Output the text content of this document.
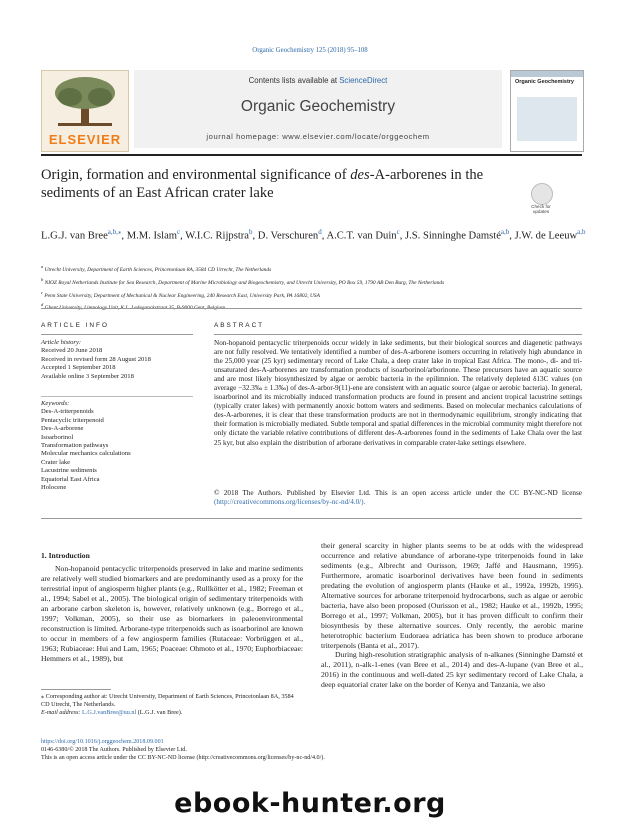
Organic Geochemistry 125 (2018) 95–108
ELSEVIER
Contents lists available at ScienceDirect
Organic Geochemistry
journal homepage: www.elsevier.com/locate/orggeochem
Organic Geochemistry
Origin, formation and environmental significance of des-A-arborenes in the sediments of an East African crater lake
Check for updates
L.G.J. van Bree$^{a,b,⁎}$, M.M. Islam$^c$, W.I.C. Rijpstra$^b$, D. Verschuren$^d$, A.C.T. van Duin$^c$, J.S. Sinninghe Damsté$^{a,b}$, J.W. de Leeuw$^{a,b}$
$^a$ Utrecht University, Department of Earth Sciences, Princetonlaan 8A, 3584 CD Utrecht, The Netherlands
$^b$ NIOZ Royal Netherlands Institute for Sea Research, Department of Marine Microbiology and Biogeochemistry, and Utrecht University, PO Box 59, 1790 AB Den Burg, The Netherlands
$^c$ Penn State University, Department of Mechanical & Nuclear Engineering, 240 Research East, University Park, PA 16802, USA
$^d$
ARTICLE INFO
Article history:
Received 20 June 2018
Received in revised form 28 August 2018
Accepted 1 September 2018
Available online 3 September 2018
Keywords:
Des-A-triterpenoids
Pentacyclic triterpenoid
Des-A-arborene
Isoarborinol
Transformation pathways
Molecular mechanics calculations
Crater lake
Lacustrine sediments
Equatorial East Africa
Holocene
ABSTRACT
Non-hopanoid pentacyclic triterpenoids occur widely in lake sediments, but their biological sources and diagenetic pathways are not fully resolved. We tentatively identified a number of des-A-arborene isomers occurring in relatively high abundance in the 25,000 year (25 kyr) sedimentary record of Lake Chala, a deep crater lake in tropical East Africa. The mono-, di- and tri-unsaturated des-A-arborenes are transformation products of isoarborinol/arborinone. These precursors have an aquatic source and are most likely biosynthesized by algae or aerobic bacteria in the epilimnion. The relatively depleted δ13C values (on average −32.3‰ ± 1.3‰) of des-A-arbor-9(11)-ene are consistent with an aquatic source (algae or aerobic bacteria). In general, isoarborinol and its microbially induced transformation products are found in present and ancient tropical lacustrine settings (typically crater lakes) with permanently anoxic bottom waters and sediments. Based on molecular mechanics calculations of des-A-arborenes, it is clear that these transformation products are not in thermodynamic equilibrium, strongly indicating that their formation is microbially mediated. Subtle temporal and spatial differences in the microbial community might therefore not only dictate the variable relative contributions of different des-A-arborenes found in the sediments of Lake Chala over the last 25 kyr, but also explain the distribution of arborane derivatives in comparable crater-lake settings elsewhere.
© 2018 The Authors. Published by Elsevier Ltd. This is an open access article under the CC BY-NC-ND license (http://creativecommons.org/licenses/by-nc-nd/4.0/).
1. Introduction

Non-hopanoid pentacyclic triterpenoids preserved in lake and marine sediments are relatively well studied biomarkers and are predominantly used as a proxy for the terrestrial input of angiosperm higher plants (e.g., Rullkötter et al., 1982; Freeman et al., 1994; Sabel et al., 2005). The biological origin of sedimentary triterpenoids with an arborane carbon skeleton is, however, relatively unknown (e.g., Borrego et al., 1997; Volkman, 2005), so their use as biomarkers in paleoenvironmental reconstruction is limited. Arborane-type triterpenoids such as isoarborinol are known to occur in members of a few angiosperm families (Rutaceae: Vorbrüggen et al., 1963; Rubiaceae: Hui and Lam, 1965; Poaceae: Ohmoto et al., 1970; Euphorbiaceae: Hemmers et al., 1989), but

their general scarcity in higher plants seems to be at odds with the widespread occurrence and relative abundance of arborane-type triterpenoids found in lake sediments (e.g., Albrecht and Ourisson, 1969; Jaffé and Hausmann, 1995). Furthermore, aromatic isoarborinol derivatives have been found in sediments predating the evolution of angiosperm plants (Hauke et al., 1992a, 1992b, 1995). Alternative sources for arborane triterpenoid hydrocarbons, such as algae or aerobic bacteria, have also been proposed (Ourisson et al., 1982; Hauke et al., 1992b, 1995; Borrego et al., 1997; Volkman, 2005), but it has proven difficult to confirm their biosynthesis by these alternative sources. Only recently, the aerobic marine heterotrophic bacterium Eudoraea adriatica has been shown to produce arborane triterpenols (Banta et al., 2017).

During high-resolution stratigraphic analysis of n-alkanes (Sinninghe Damsté et al., 2011), n-alk-1-enes (van Bree et al., 2014) and des-A-lupane (van Bree et al., 2016) in the continuous and well-dated 25 kyr sedimentary record of Lake Chala, a deep equatorial crater lake on the border of Kenya and Tanzania, we also

⁎ Corresponding author at: Utrecht University, Department of Earth Sciences, Princetonlaan 8A, 3584 CD Utrecht, The Netherlands.
E-mail address: L.G.J.vanBree@uu.nl (L.G.J. van Bree).
https://doi.org/10.1016/j.orggeochem.2018.09.001
0146-6380/© 2018 The Authors. Published by Elsevier Ltd.
This is an open access article under the CC BY-NC-ND license (http://creativecommons.org/licenses/by-nc-nd/4.0/).
ebook-hunter.org
